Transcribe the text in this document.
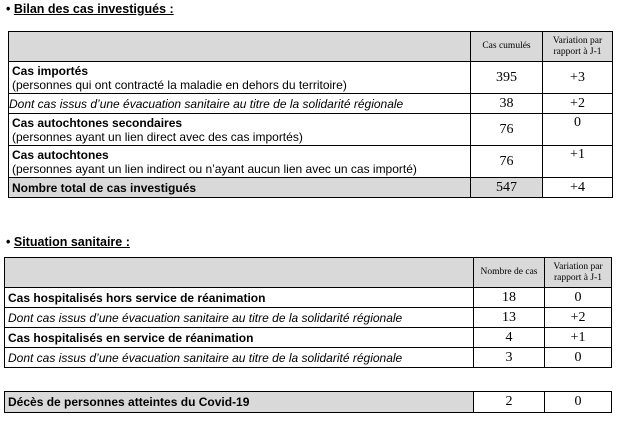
• Bilan des cas investigués :
	Cas cumulés	Variation par rapport à J-1

Cas importés
(personnes qui ont contracté la maladie en dehors du territoire)	395	+3
Dont cas issus d’une évacuation sanitaire au titre de la solidarité régionale	38	+2

Cas autochtones secondaires
(personnes ayant un lien direct avec des cas importés)	76	0

Cas autochtones
(personnes ayant un lien indirect ou n’ayant aucun lien avec un cas importé)	76	+1

Nombre total de cas investigués	547	+4
• Situation sanitaire :
	Nombre de cas	Variation par rapport à J-1

Cas hospitalisés hors service de réanimation	18	0
Dont cas issus d’une évacuation sanitaire au titre de la solidarité régionale	13	+2

Cas hospitalisés en service de réanimation	4	+1
Dont cas issus d’une évacuation sanitaire au titre de la solidarité régionale	3	0
Décès de personnes atteintes du Covid-19	2	0
